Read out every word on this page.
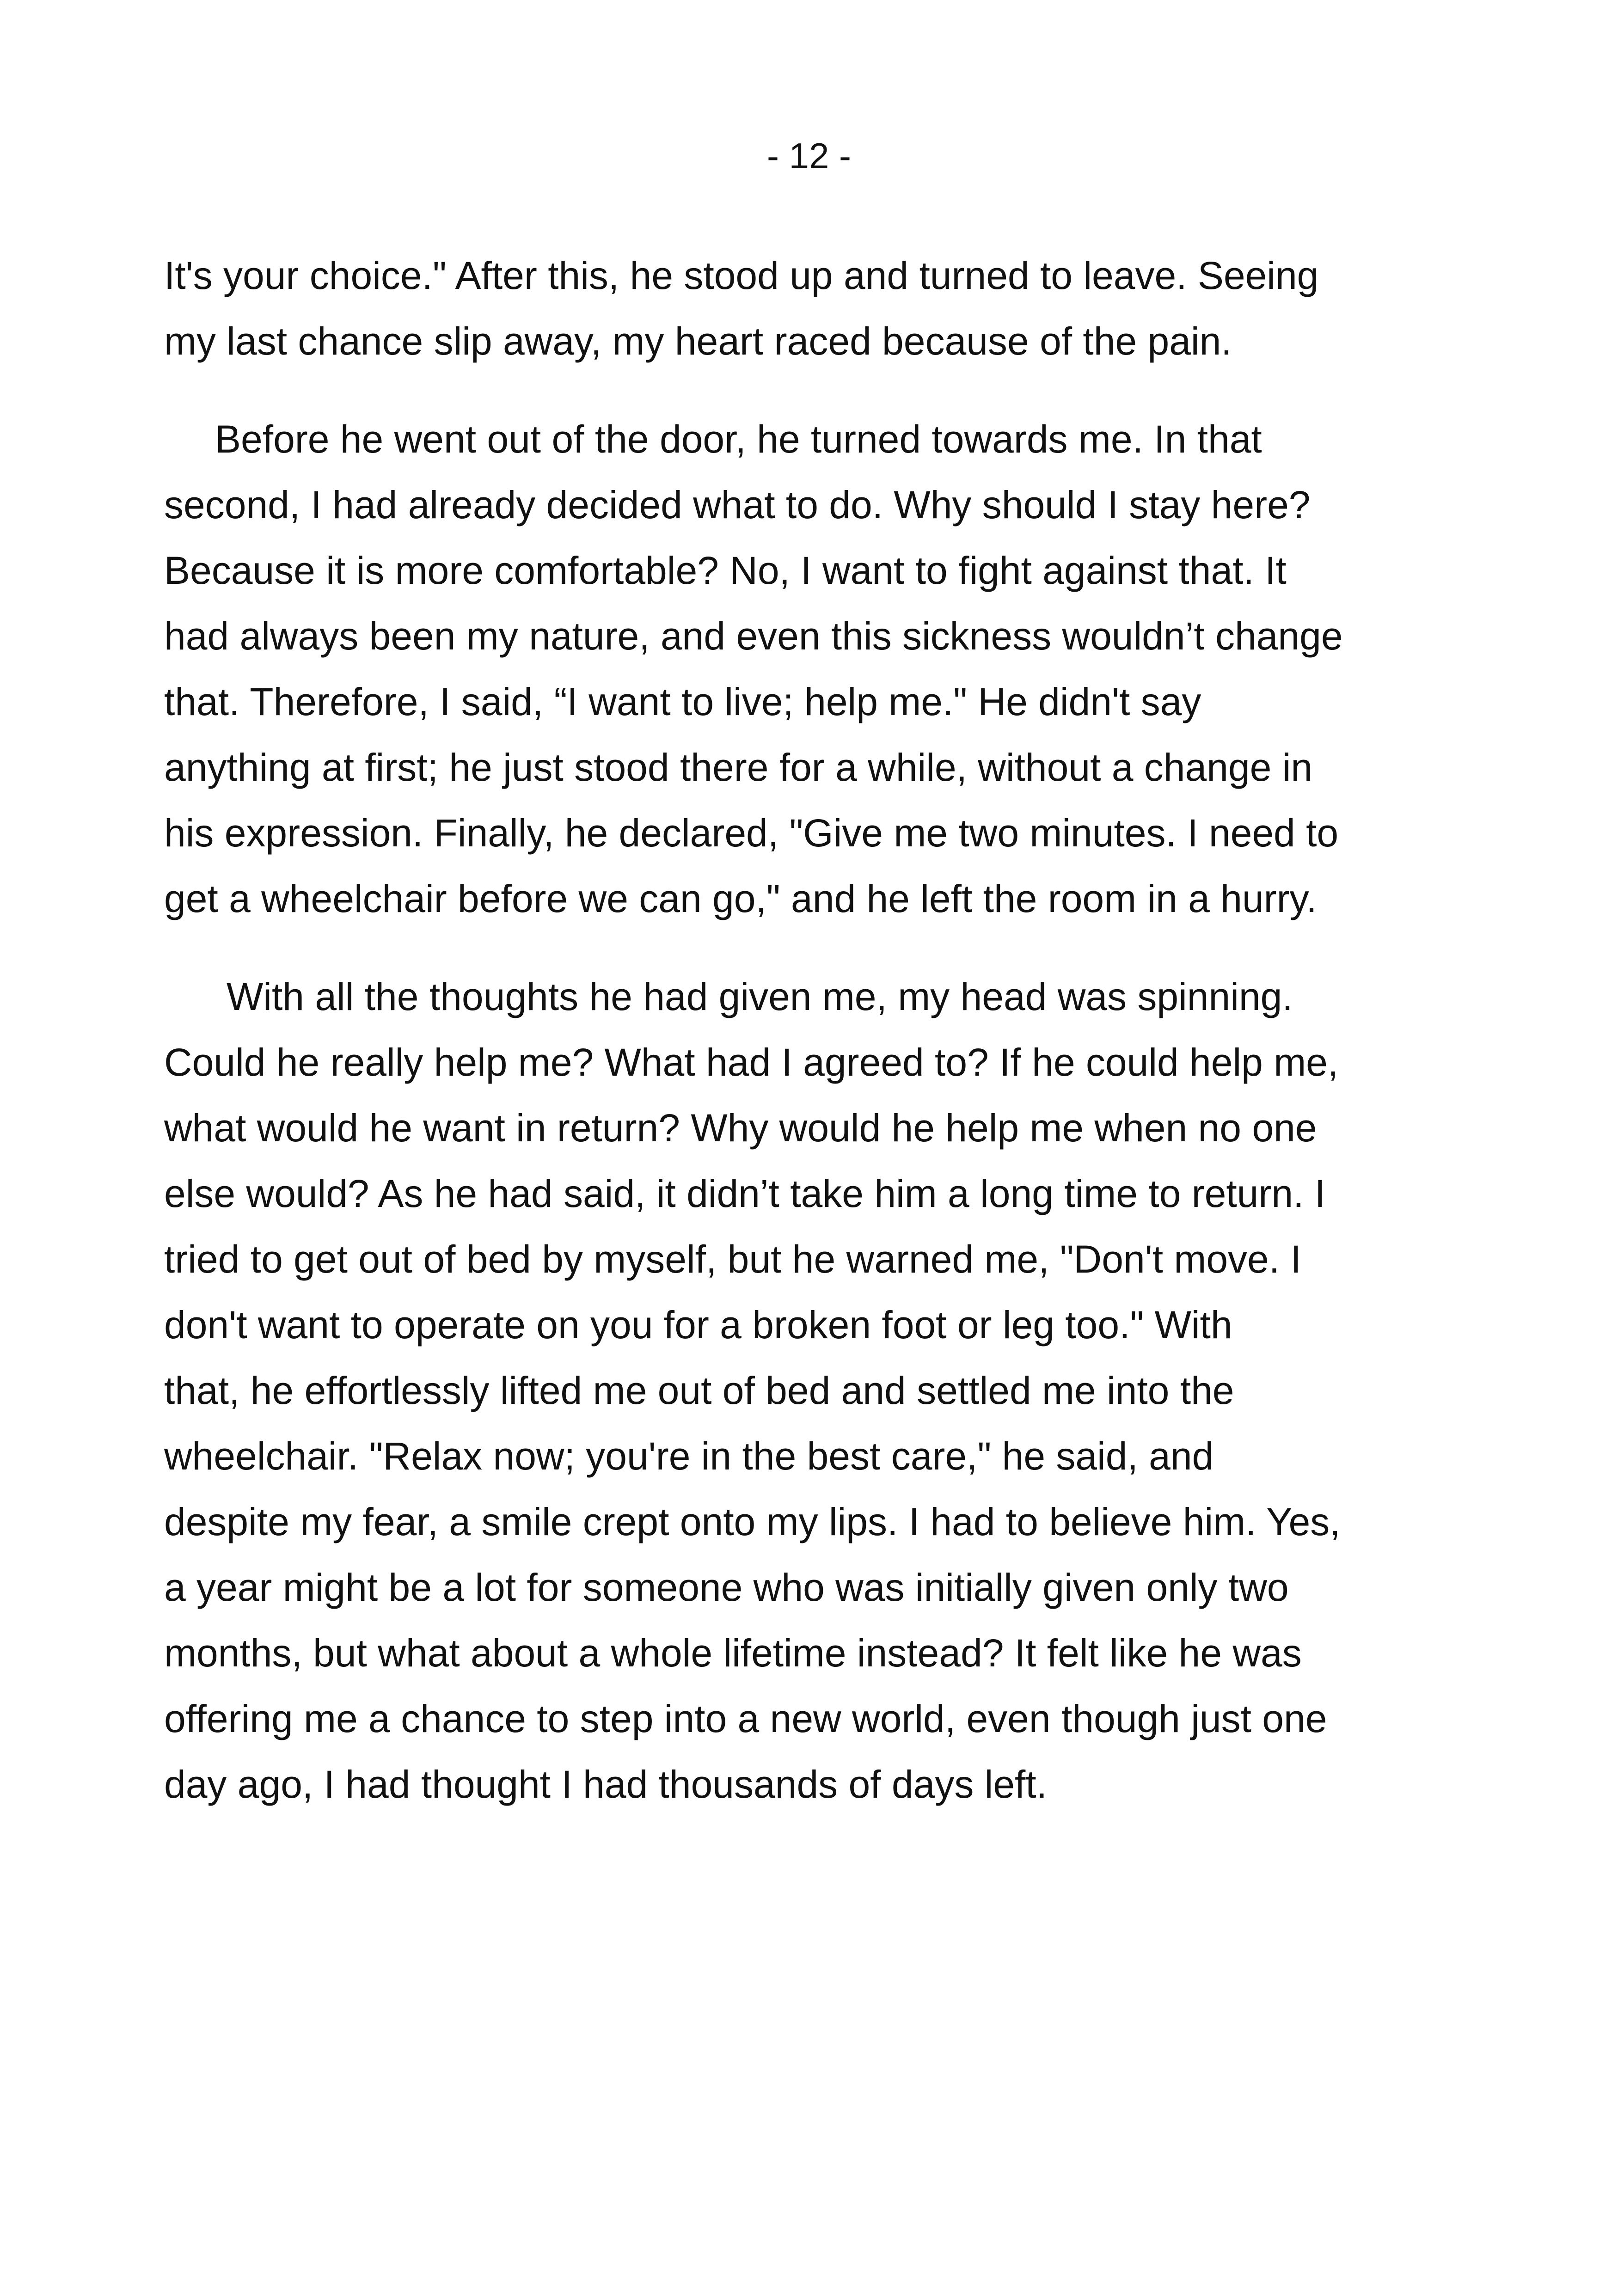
- 12 -
It's your choice." After this, he stood up and turned to leave. Seeing
my last chance slip away, my heart raced because of the pain.
Before he went out of the door, he turned towards me. In that
second, I had already decided what to do. Why should I stay here?
Because it is more comfortable? No, I want to fight against that. It
had always been my nature, and even this sickness wouldn’t change
that. Therefore, I said, “I want to live; help me." He didn't say
anything at first; he just stood there for a while, without a change in
his expression. Finally, he declared, "Give me two minutes. I need to
get a wheelchair before we can go," and he left the room in a hurry.
With all the thoughts he had given me, my head was spinning.
Could he really help me? What had I agreed to? If he could help me,
what would he want in return? Why would he help me when no one
else would? As he had said, it didn’t take him a long time to return. I
tried to get out of bed by myself, but he warned me, "Don't move. I
don't want to operate on you for a broken foot or leg too." With
that, he effortlessly lifted me out of bed and settled me into the
wheelchair. "Relax now; you're in the best care," he said, and
despite my fear, a smile crept onto my lips. I had to believe him. Yes,
a year might be a lot for someone who was initially given only two
months, but what about a whole lifetime instead? It felt like he was
offering me a chance to step into a new world, even though just one
day ago, I had thought I had thousands of days left.
